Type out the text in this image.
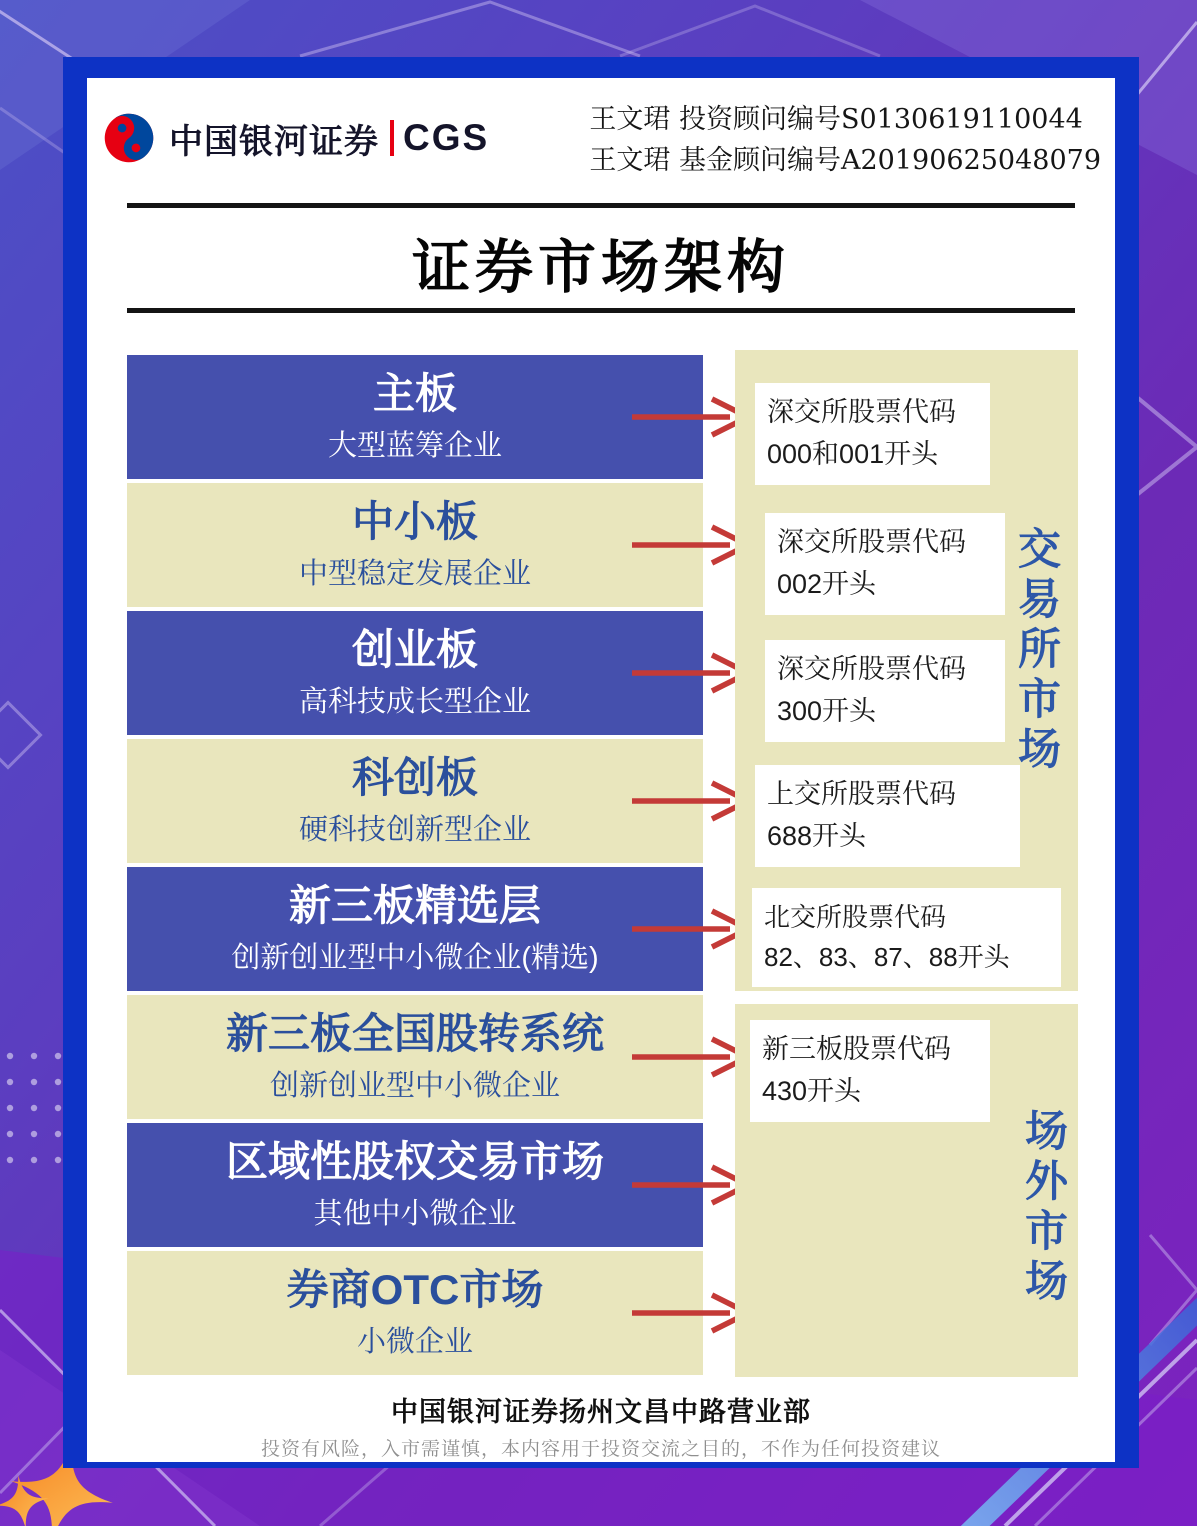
中国银河证券 CGS	王文珺 投资顾问编号S0130619110044
王文珺 基金顾问编号A20190625048079
证券市场架构
主板
大型蓝筹企业
中小板
中型稳定发展企业
创业板
高科技成长型企业
科创板
硬科技创新型企业
新三板精选层
创新创业型中小微企业(精选)
新三板全国股转系统
创新创业型中小微企业
区域性股权交易市场
其他中小微企业
券商OTC市场
小微企业
深交所股票代码
000和001开头
深交所股票代码
002开头
深交所股票代码
300开头
上交所股票代码
688开头
北交所股票代码
82、83、87、88开头
交易所市场
新三板股票代码
430开头
场外市场
中国银河证券扬州文昌中路营业部
投资有风险，入市需谨慎，本内容用于投资交流之目的，不作为任何投资建议
